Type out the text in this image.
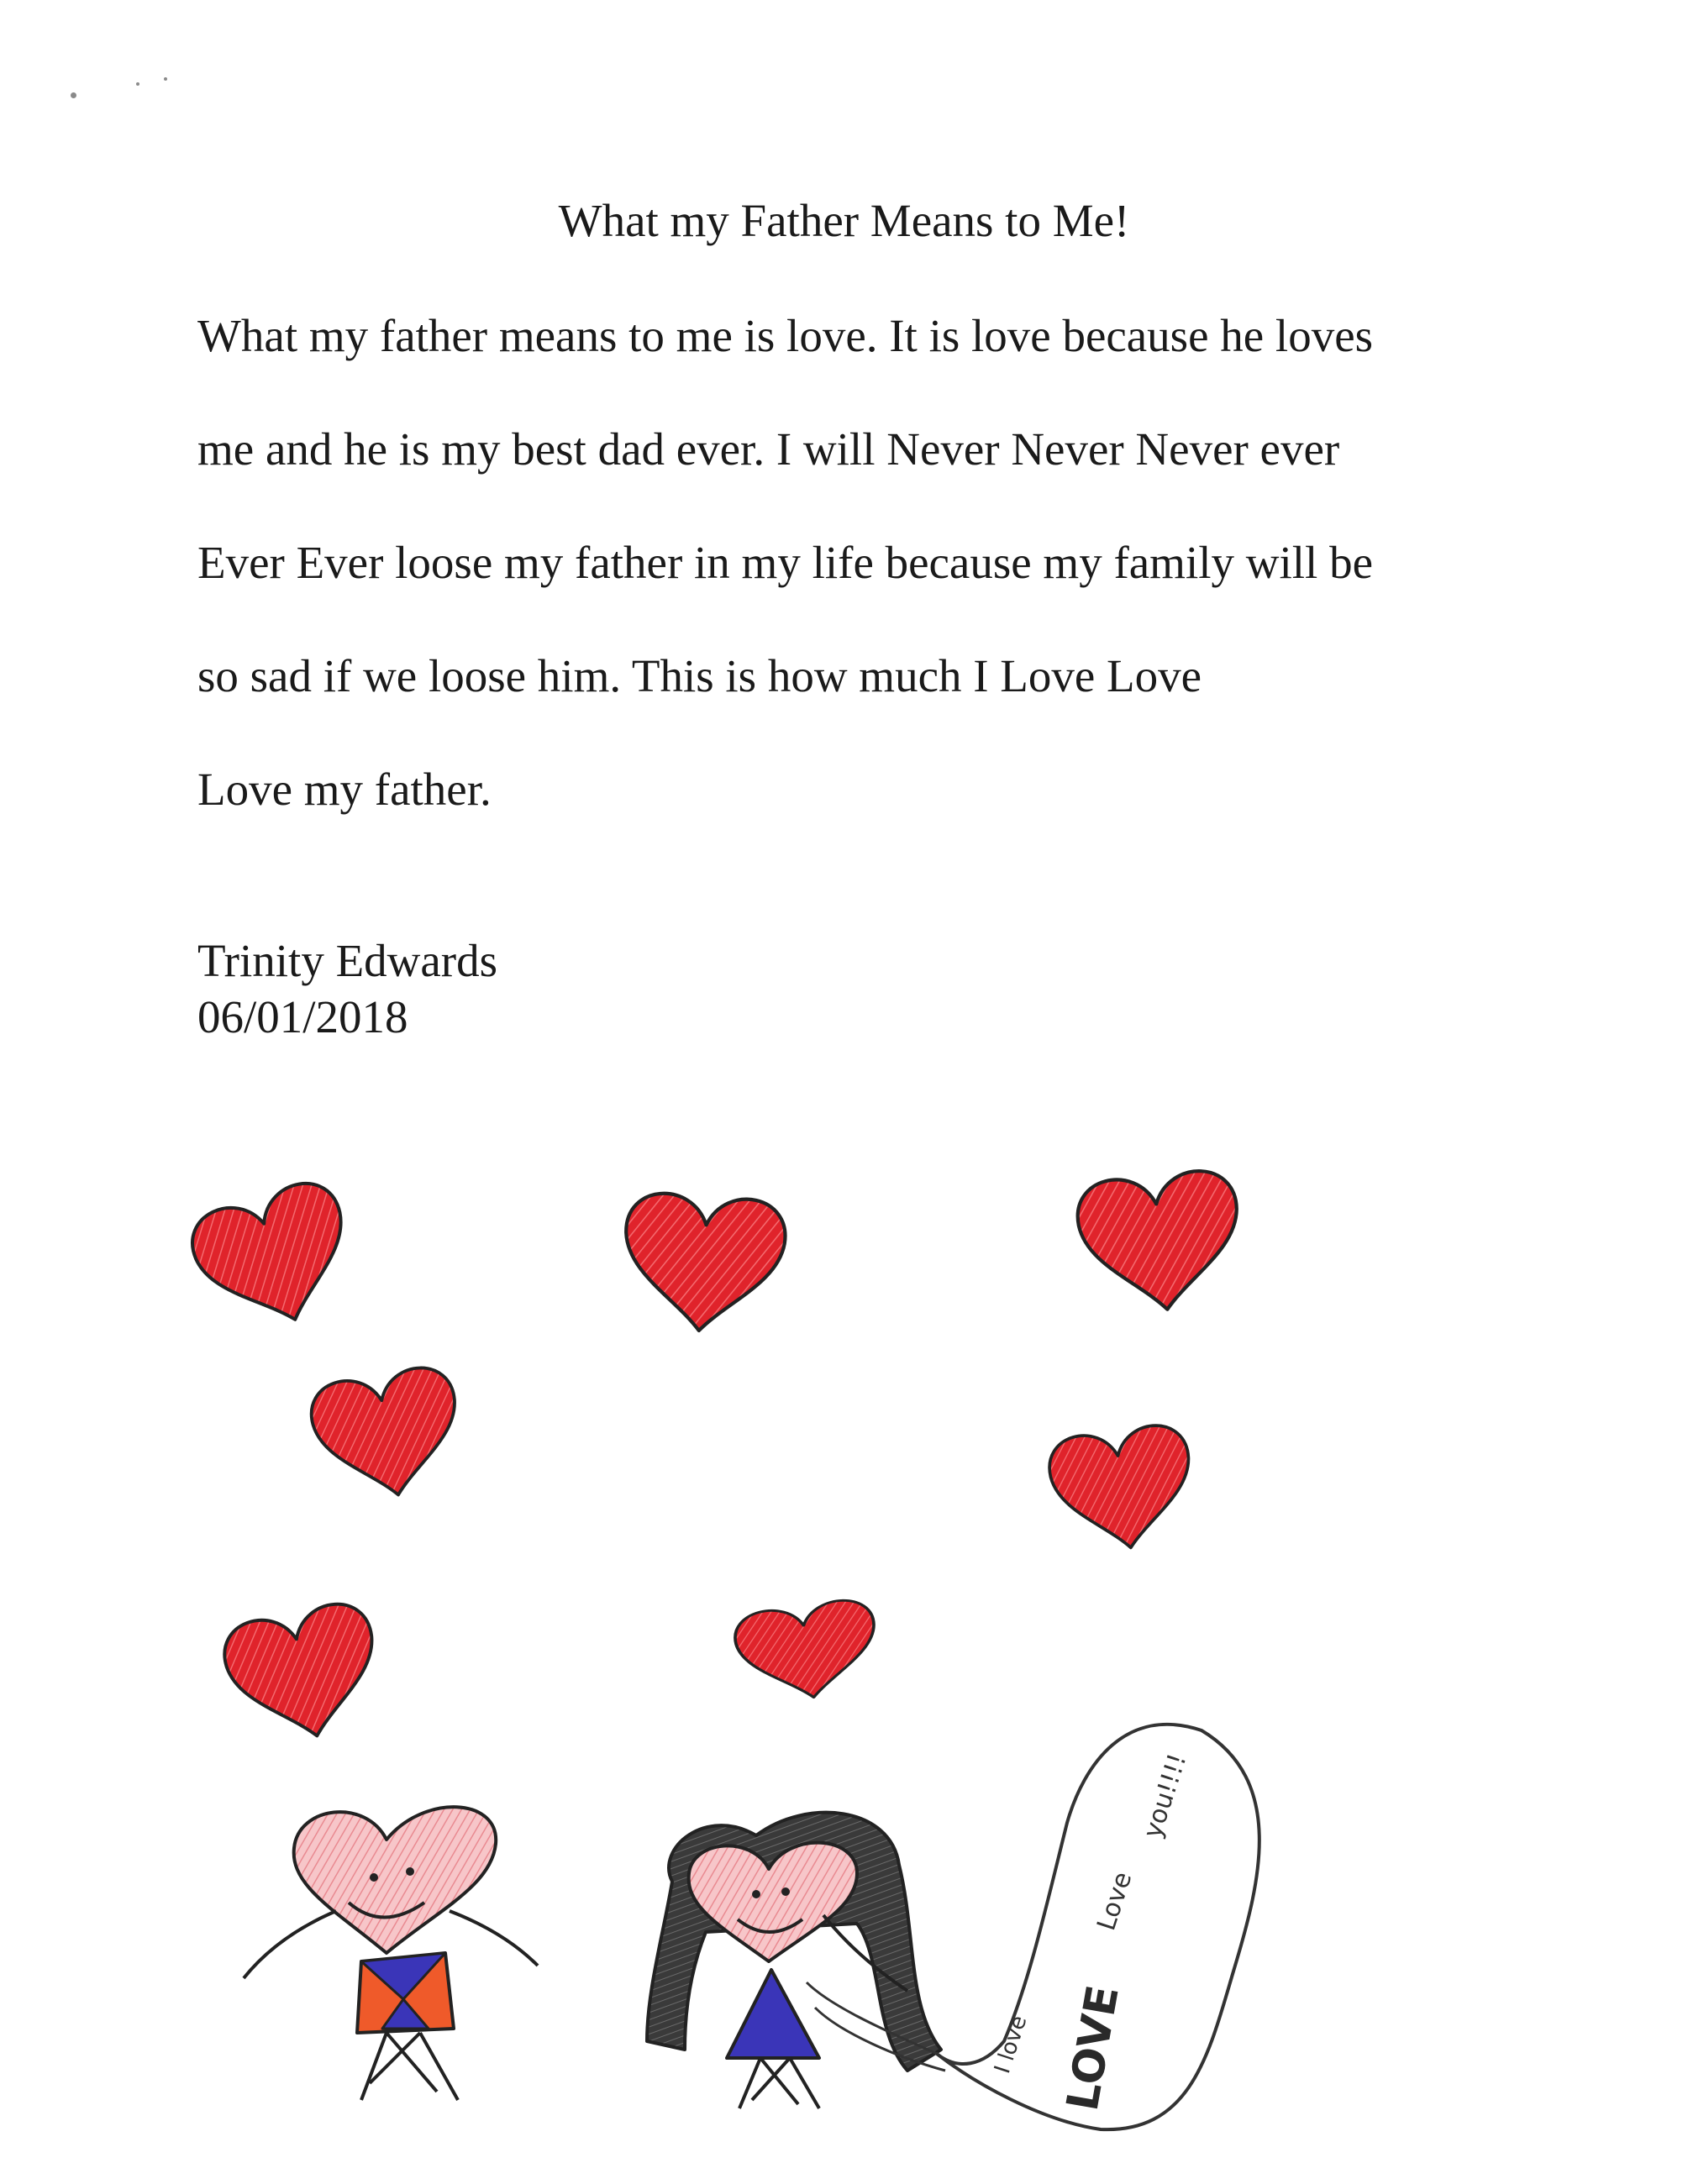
What my Father Means to Me!

What my father means to me is love. It is love because he loves

me and he is my best dad ever. I will Never Never Never ever

Ever Ever loose my father in my life because my family will be

so sad if we loose him. This is how much I Love Love

Love my father.

Trinity Edwards

06/01/2018

LOVE
I love
Love
you!!!!
